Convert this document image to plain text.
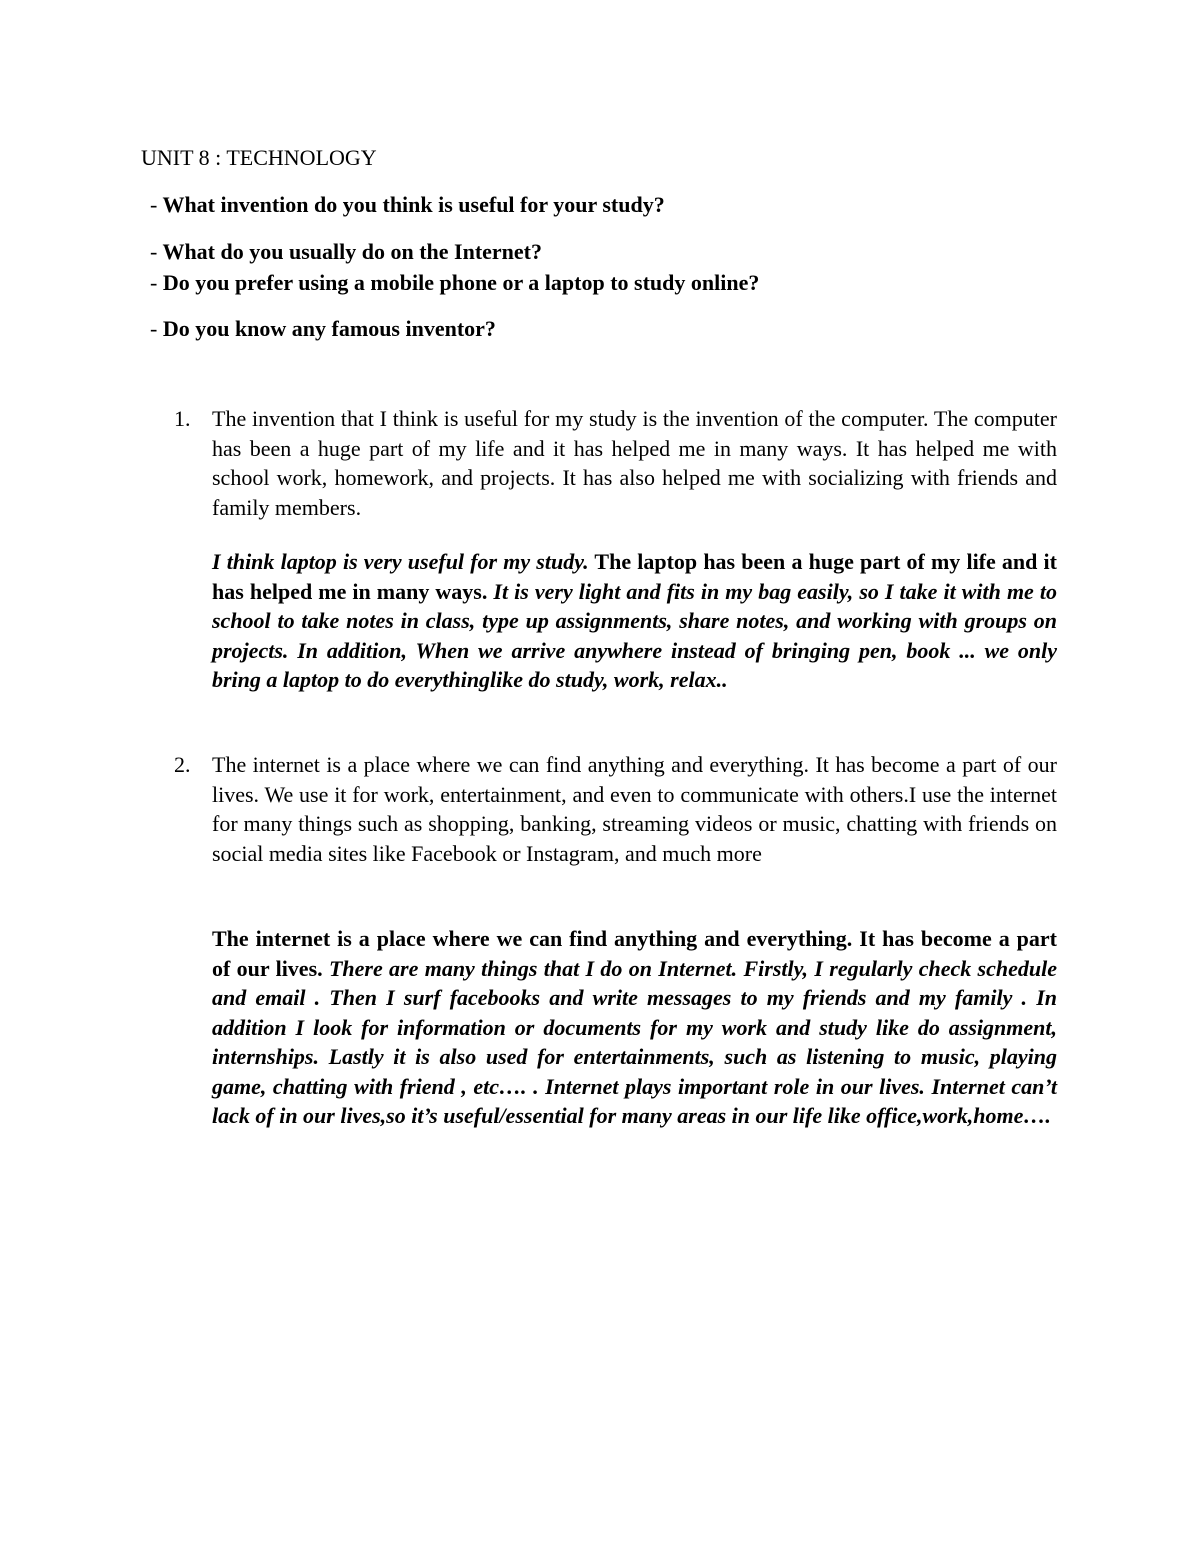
UNIT 8 : TECHNOLOGY
- What invention do you think is useful for your study?
- What do you usually do on the Internet?
- Do you prefer using a mobile phone or a laptop to study online?
- Do you know any famous inventor?
1. The invention that I think is useful for my study is the invention of the computer. The computer has been a huge part of my life and it has helped me in many ways. It has helped me with school work, homework, and projects. It has also helped me with socializing with friends and family members.

I think laptop is very useful for my study. The laptop has been a huge part of my life and it has helped me in many ways. It is very light and fits in my bag easily, so I take it with me to school to take notes in class, type up assignments, share notes, and working with groups on projects. In addition, When we arrive anywhere instead of bringing pen, book ... we only bring a laptop to do everythinglike do study, work, relax..

2. The internet is a place where we can find anything and everything. It has become a part of our lives. We use it for work, entertainment, and even to communicate with others.I use the internet for many things such as shopping, banking, streaming videos or music, chatting with friends on social media sites like Facebook or Instagram, and much more

The internet is a place where we can find anything and everything. It has become a part of our lives. There are many things that I do on Internet. Firstly, I regularly check schedule and email . Then I surf facebooks and write messages to my friends and my family . In addition I look for information or documents for my work and study like do assignment, internships. Lastly it is also used for entertainments, such as listening to music, playing game, chatting with friend , etc…. . Internet plays important role in our lives. Internet can’t lack of in our lives,so it’s useful/essential for many areas in our life like office,work,home….
